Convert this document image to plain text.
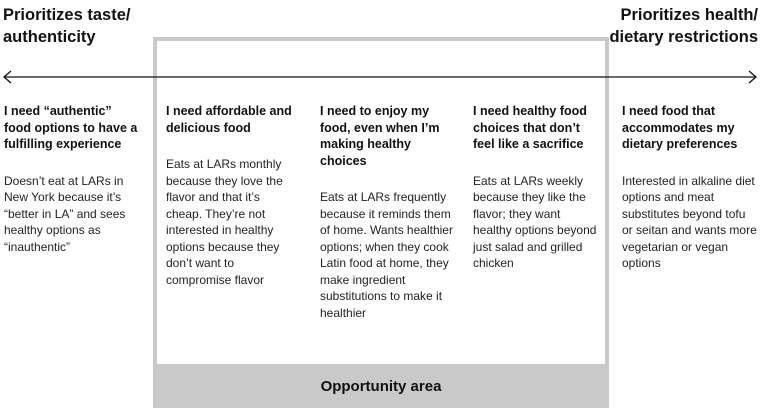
Prioritizes taste/ authenticity
Prioritizes health/ dietary restrictions
Opportunity area

I need “authentic” food options to have a fulfilling experience

Doesn’t eat at LARs in New York because it’s “better in LA” and sees healthy options as “inauthentic”

I need affordable and delicious food

Eats at LARs monthly because they love the flavor and that it’s cheap. They’re not interested in healthy options because they don’t want to compromise flavor

I need to enjoy my food, even when I’m making healthy choices

Eats at LARs frequently because it reminds them of home. Wants healthier options; when they cook Latin food at home, they make ingredient substitutions to make it healthier

I need healthy food choices that don’t feel like a sacrifice

Eats at LARs weekly because they like the flavor; they want healthy options beyond just salad and grilled chicken

I need food that accommodates my dietary preferences

Interested in alkaline diet options and meat substitutes beyond tofu or seitan and wants more vegetarian or vegan options
